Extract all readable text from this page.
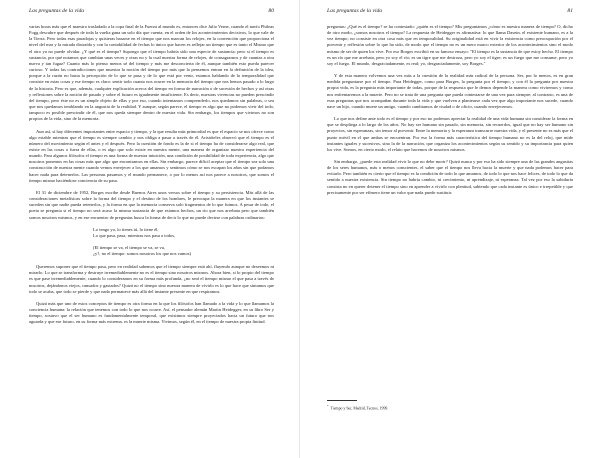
Las preguntas de la vida	80

varias horas más que el maestro trasladado a la copa final de la Fuerza al mundo es, entonces dice Julio Verne, cuando el navío Phileas Fogg descubre que después de toda la vuelta gana un solo día que cuenta, en el orden de los acontecimientos decisivos, lo que vale de la Tierra. Pero todas esas paradojas y quisieras basarse en el tiempo que nos marcan los relojes, en la convención que proporciona el nivel del mar y la mirada distraída y con la contabilidad de fechas lo único que hacen es reflejar un tiempo que es tanto el Mismo que el otro ya no puede olvidar. ¿Y qué es el tiempo? Supongo que el tiempo habría sido una especie de sustancia; pero si el tiempo es sustancia, por qué notamos que cambian unas veces y otras no y la cual nuestra forma de relojes, de consagrarnos y de cuantas a otra nueva y tan fugaz? Cuanto más lo pienso menos sé del tiempo y más me desconcierta de él, aunque también esto pueda parecer curioso. Y todas las contradicciones que muestra la noción del tiempo por más que la pensemos entran en la definición de la idea, porque a la razón no basta la percepción de lo que se pasa y de lo que está por venir, estamos hablando de la temporalidad que consiste en estas cosas y ese tiempo es claro: sentir todo cuanto nos ocurre en la memoria del tiempo que nos hemos pasado a lo largo de la historia. Pero es que, además, cualquier explicación acerca del tiempo en forma de narración o de sucesión de hechos y así otras y reflexiones sobre la noción de pasado y sobre el futuro es igualmente insuficiente. Es decir, nuestras vivencias no pueden prescindir del tiempo, pero éste no es un simple objeto de ellas y por eso, cuando intentamos comprenderlo, nos quedamos sin palabras, o sea que nos quedamos temblando en la angustia de la realidad. Y aunque, según parece, el tiempo es algo que no podemos vivir del todo, tampoco es posible prescindir de él, que nos queda siempre dentro de nuestra vida. Sin embargo, los tiempos que vivimos no son propios de la vida, sino de la memoria.

Aun así, sí hay diferentes importantes entre espacio y tiempo, y la que resulta más primordial es que el espacio se nos ofrece como algo estable mientras que el tiempo es siempre cambio y nos obliga a pasar a través de él. Aristóteles observó que el tiempo es el número del movimiento según el antes y el después. Pero la cuestión de fondo es la de si el tiempo ha de considerarse algo real, que existe en las cosas o fuera de ellas, o es algo que solo existe en nuestra mente, una manera de organizar nuestra experiencia del mundo. Para algunos filósofos el tiempo es una forma de nuestra intuición, una condición de posibilidad de toda experiencia, algo que nosotros ponemos en las cosas más que algo que encontramos en ellas. Sin embargo, parece difícil aceptar que el tiempo sea solo una construcción de nuestra mente cuando vemos envejecer a los que amamos y sentimos cómo se nos escapan los años sin que podamos hacer nada para detenerlos. Las personas pasamos y el mundo permanece, o por lo menos así nos parece a nosotros, que somos el tiempo mismo haciéndose conciencia de su paso.

El 31 de diciembre de 1952, Borges escribe desde Buenos Aires unos versos sobre el tiempo y su persistencia. Más allá de las consideraciones metafísicas sobre la forma del tiempo y el destino de los hombres, le preocupa la manera en que los instantes se suceden sin que nadie pueda retenerlos, y la forma en que la memoria conserva solo fragmentos de lo que fuimos. A pesar de todo, el poeta se pregunta si el tiempo no será acaso la misma sustancia de que estamos hechos, un río que nos arrebata pero que también somos nosotros mismos, y en ese encuentro de preguntas busca la forma de decir lo que no puede decirse con palabras ordinarias:

Lo tengo yo, lo tienes tú, lo tiene él,
Lo que pasa, pasa, mientras nos pasa a todos,
(El tiempo se va, el tiempo se va, se va,
¿y?, no el tiempo: somos nosotros los que nos vamos)

Queremos suponer que el tiempo pasa, pero en realidad sabemos que el tiempo siempre está ahí, fluyendo aunque no deseemos ni mirarlo. Lo que se transforma y destruye irremediablemente no es el tiempo sino nosotros mismos. Ahora bien, si lo propio del tiempo es que pase irremediablemente, cuando lo consideramos en su forma más profunda, ¿no será el tiempo mismo el que pasa a través de nosotros, dejándonos viejos, cansados y gastados? Quizá no el tiempo sino nuestra manera de vivirlo es lo que hace que sintamos que todo se acaba, que todo se pierde y que nada permanece más allá del instante presente en que respiramos.

Quizá más que uno de estos conceptos de tiempo es otra forma en la que los filósofos han llamado a la vida y lo que llamamos la conciencia humana: la relación que tenemos con todo lo que nos ocurre. Así, el pensador alemán Martin Heidegger, en su libro Ser y tiempo, sostuvo que el ser humano es fundamentalmente temporal, que existimos siempre proyectados hacia un futuro que nos aguarda y que ese futuro, en su forma más extrema, es la muerte misma. Vivimos, según él, en el tiempo de nuestra propia finitud.

Las preguntas de la vida	81

preguntas: ¿Qué es el tiempo? se ha contestado: ¿quién es el tiempo? Mis preguntamos ¿cómo es nuestra manera de tiempo? O, dicho de otro modo, ¿somos nosotros el tiempo? La respuesta de Heidegger es afirmativa: lo que llama Dasein, el existente humano, es a la vez tiempo; no consiste en otra cosa más que en temporalidad. Su originalidad está en vivir la existencia como preocupación por el porvenir y reflexión sobre lo que ha sido, de modo que el tiempo no es un mero marco exterior de los acontecimientos sino el modo mismo de ser de quien los vive. Por eso Borges escribió en su famoso ensayo: "El tiempo es la sustancia de que estoy hecho. El tiempo es un río que me arrebata, pero yo soy el río; es un tigre que me destroza, pero yo soy el tigre; es un fuego que me consume, pero yo soy el fuego. El mundo, desgraciadamente, es real; yo, desgraciadamente, soy Borges."

Y de esta manera volvemos una vez más a la cuestión de la realidad más radical de la persona. Ser, por lo menos, es en gran medida preguntarse por el tiempo. Para Heidegger, como para Borges, la pregunta por el tiempo, y con él la pregunta por nuestra propia vida, es la pregunta más importante de todas, porque de la respuesta que le demos depende la manera como viviremos y como nos enfrentaremos a la muerte. Pero no se trata de una pregunta que pueda contestarse de una vez para siempre; al contrario, es una de esas preguntas que nos acompañan durante toda la vida y que vuelven a plantearse cada vez que algo importante nos sucede, cuando nace un hijo, cuando muere un amigo, cuando cambiamos de ciudad o de oficio, cuando envejecemos.

Lo que nos define ante todo es el tiempo y por eso no podemos apreciar la realidad de una vida humana sin considerar la forma en que se despliega a lo largo de los años. No hay ser humano sin pasado, sin memoria, sin recuerdos, igual que no hay ser humano sin proyectos, sin esperanzas, sin temor al porvenir. Entre la memoria y la esperanza transcurre nuestra vida, y el presente no es más que el punto móvil en el que ambas se encuentran. Por eso la forma más característica del tiempo humano no es la del reloj, que mide instantes iguales y sucesivos, sino la de la narración, que organiza los acontecimientos según su sentido y su importancia para quien los vive. Somos, en cierto modo, el relato que hacemos de nosotros mismos.

Sin embargo, ¿puede esta realidad vivir lo que no debe morir? Quizá nunca y por eso ha sido siempre una de las grandes angustias de los seres humanos, más o menos conscientes, el saber que el tiempo nos lleva hacia la muerte y que nada podemos hacer para evitarlo. Pero también es cierto que el tiempo es la condición de todo lo que amamos, de todo lo que nos hace felices, de todo lo que da sentido a nuestra existencia. Sin tiempo no habría cambio, ni crecimiento, ni aprendizaje, ni esperanza. Tal vez por eso la sabiduría consista no en querer detener el tiempo sino en aprender a vivirlo con plenitud, sabiendo que cada instante es único e irrepetible y que precisamente por ser efímero tiene un valor que nada puede sustituir.

*Tiempo y Ser, Madrid, Tecnos, 1999.
